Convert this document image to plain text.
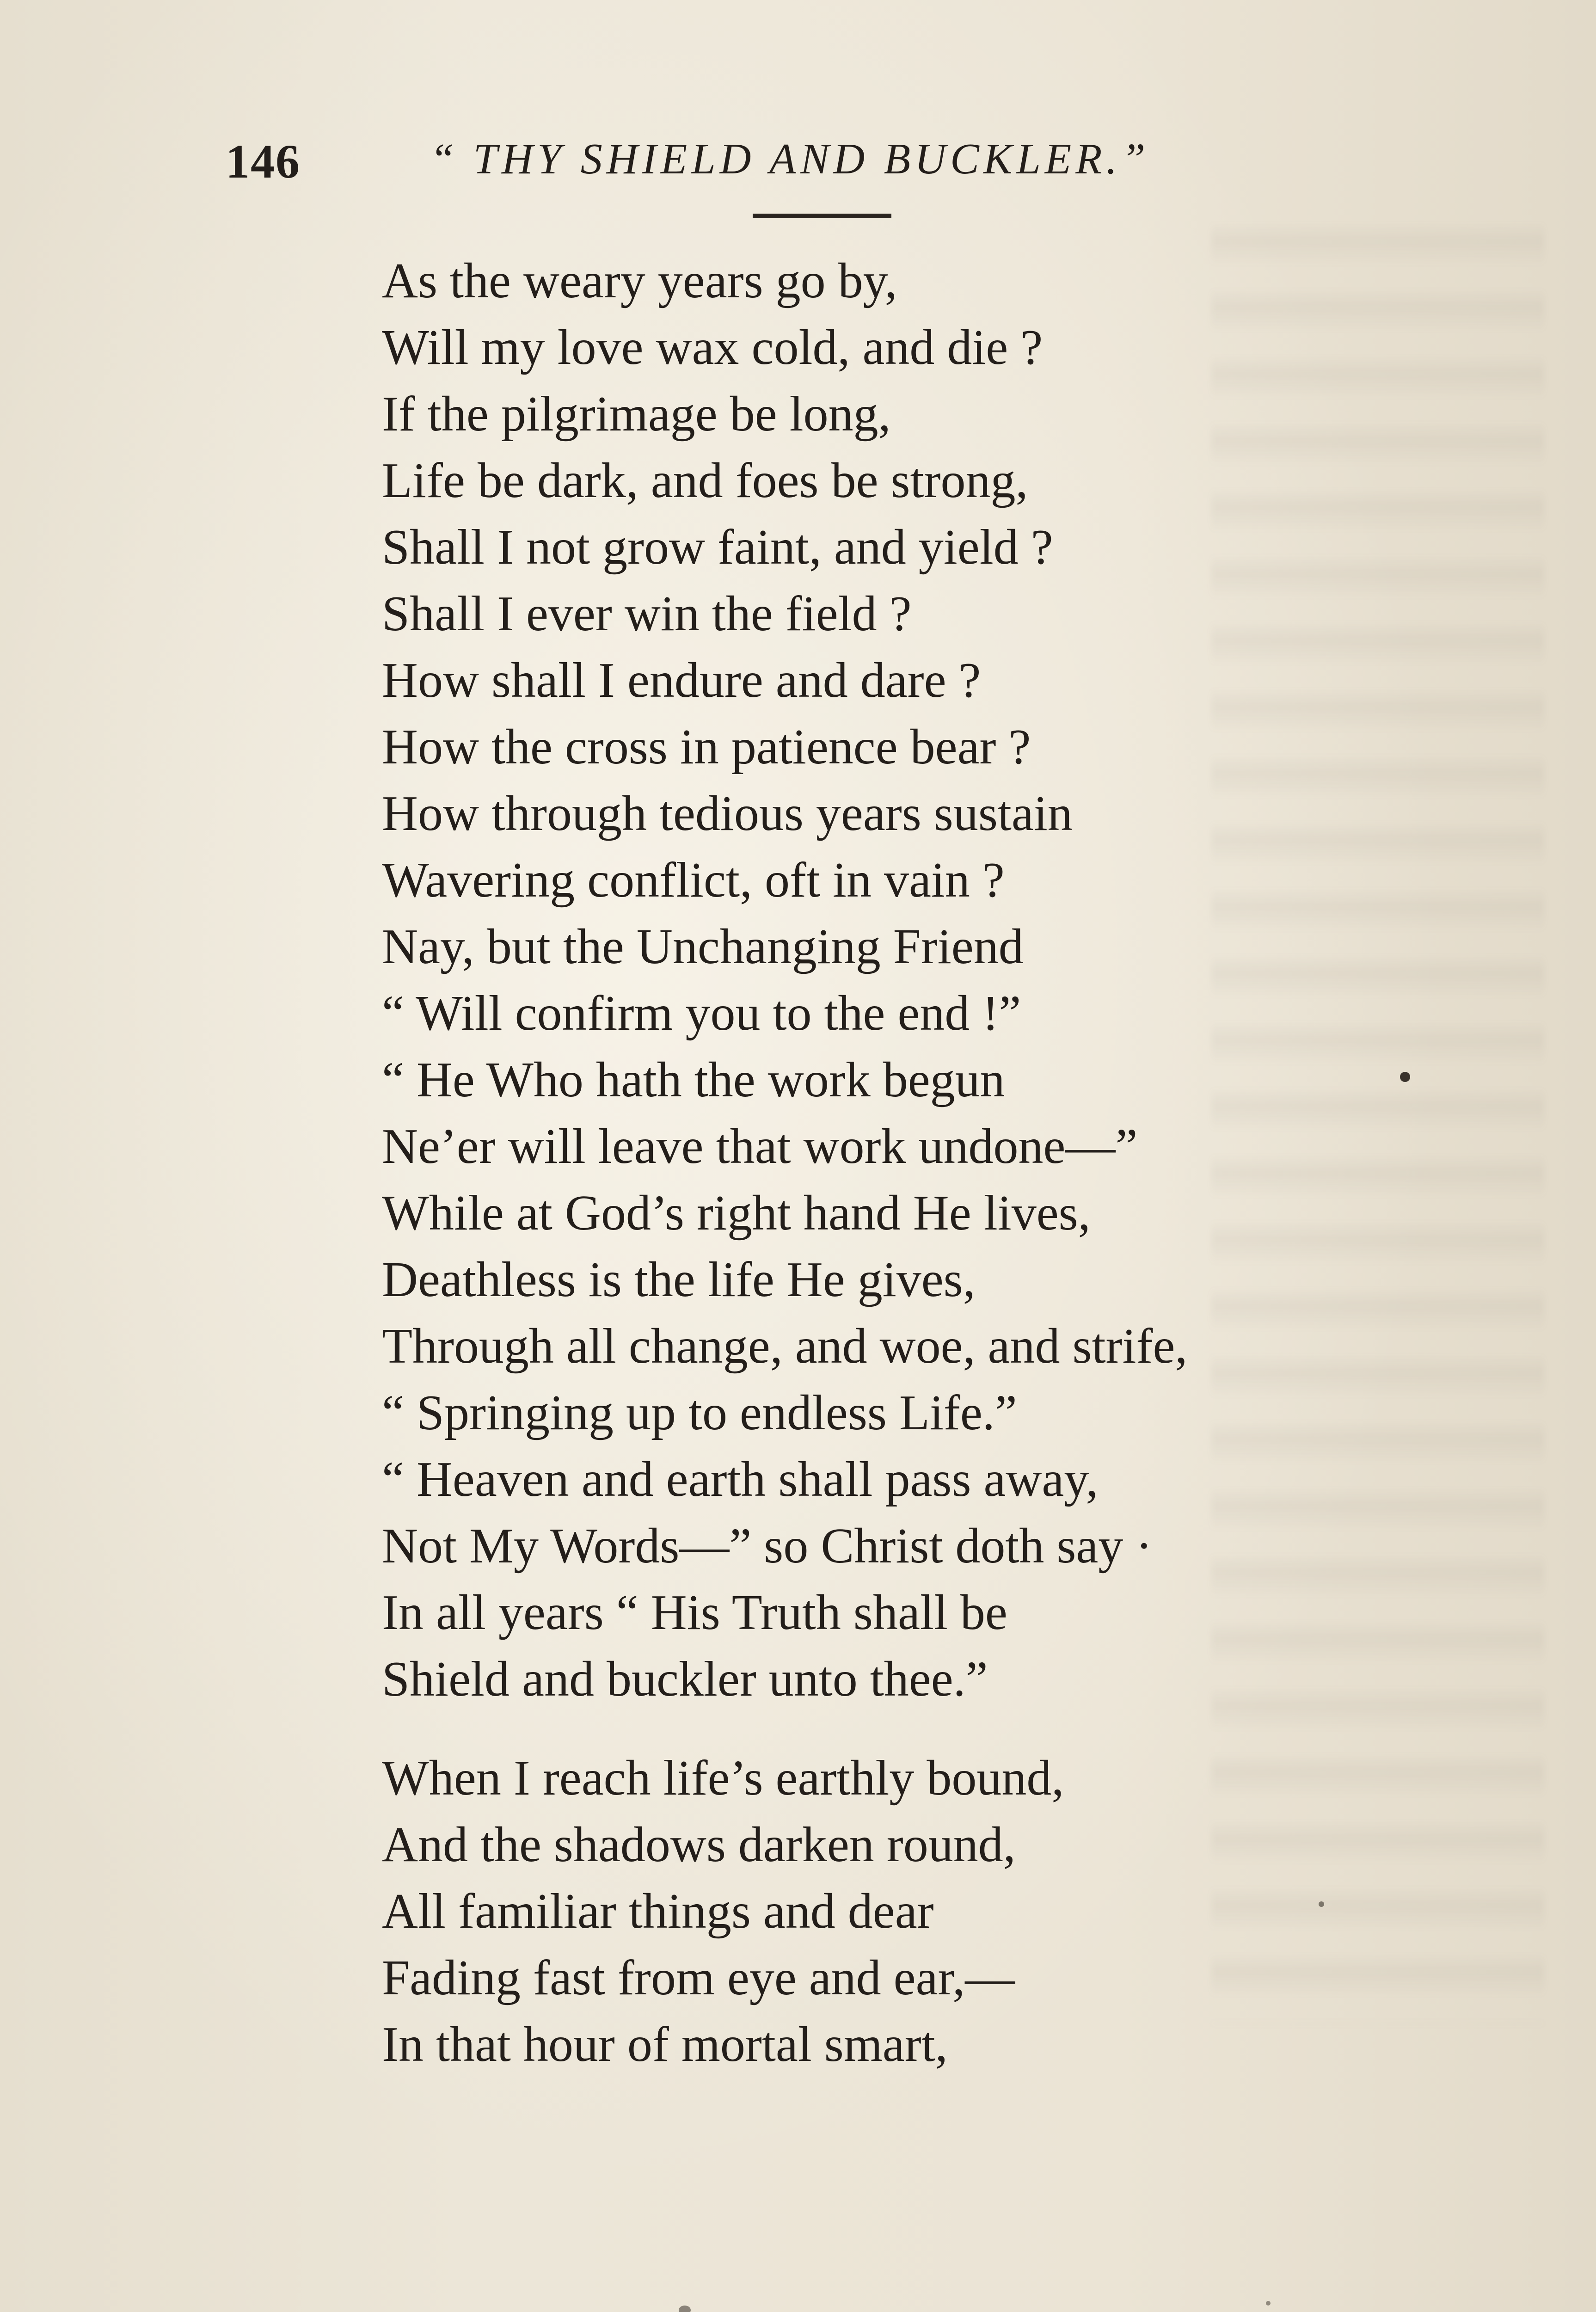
146	“ THY SHIELD AND BUCKLER.”
As the weary years go by,
Will my love wax cold, and die ?
If the pilgrimage be long,
Life be dark, and foes be strong,
Shall I not grow faint, and yield ?
Shall I ever win the field ?
How shall I endure and dare ?
How the cross in patience bear ?
How through tedious years sustain
Wavering conflict, oft in vain ?
Nay, but the Unchanging Friend
“ Will confirm you to the end !”
“ He Who hath the work begun
Ne’er will leave that work undone—”
While at God’s right hand He lives,
Deathless is the life He gives,
Through all change, and woe, and strife,
“ Springing up to endless Life.”
“ Heaven and earth shall pass away,
Not My Words—” so Christ doth say ·
In all years “ His Truth shall be
Shield and buckler unto thee.”
When I reach life’s earthly bound,
And the shadows darken round,
All familiar things and dear
Fading fast from eye and ear,—
In that hour of mortal smart,
